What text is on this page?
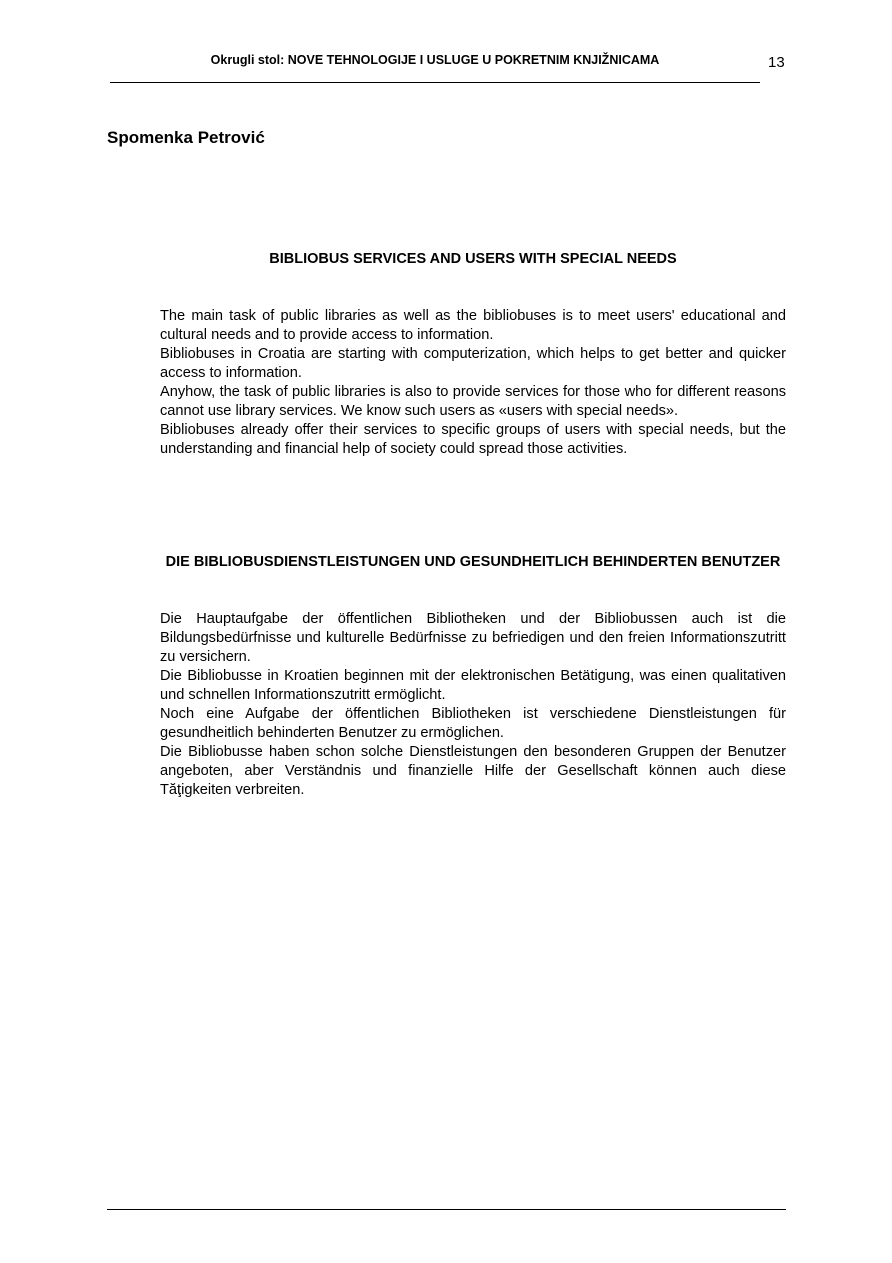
Okrugli stol: NOVE TEHNOLOGIJE I USLUGE U POKRETNIM KNJIŽNICAMA	13
Spomenka Petrović
BIBLIOBUS SERVICES AND USERS WITH SPECIAL NEEDS

The main task of public libraries as well as the bibliobuses is to meet users' educational and cultural needs and to provide access to information.

Bibliobuses in Croatia are starting with computerization, which helps to get better and quicker access to information.

Anyhow, the task of public libraries is also to provide services for those who for different reasons cannot use library services. We know such users as «users with special needs».

Bibliobuses already offer their services to specific groups of users with special needs, but the understanding and financial help of society could spread those activities.

DIE BIBLIOBUSDIENSTLEISTUNGEN UND GESUNDHEITLICH BEHINDERTEN BENUTZER

Die Hauptaufgabe der öffentlichen Bibliotheken und der Bibliobussen auch ist die Bildungsbedürfnisse und kulturelle Bedürfnisse zu befriedigen und den freien Informationszutritt zu versichern.

Die Bibliobusse in Kroatien beginnen mit der elektronischen Betätigung, was einen qualitativen und schnellen Informationszutritt ermöglicht.

Noch eine Aufgabe der öffentlichen Bibliotheken ist verschiedene Dienstleistungen für gesundheitlich behinderten Benutzer zu ermöglichen.

Die Bibliobusse haben schon solche Dienstleistungen den besonderen Gruppen der Benutzer angeboten, aber Verständnis und finanzielle Hilfe der Gesellschaft können auch diese Tăţigkeiten verbreiten.
